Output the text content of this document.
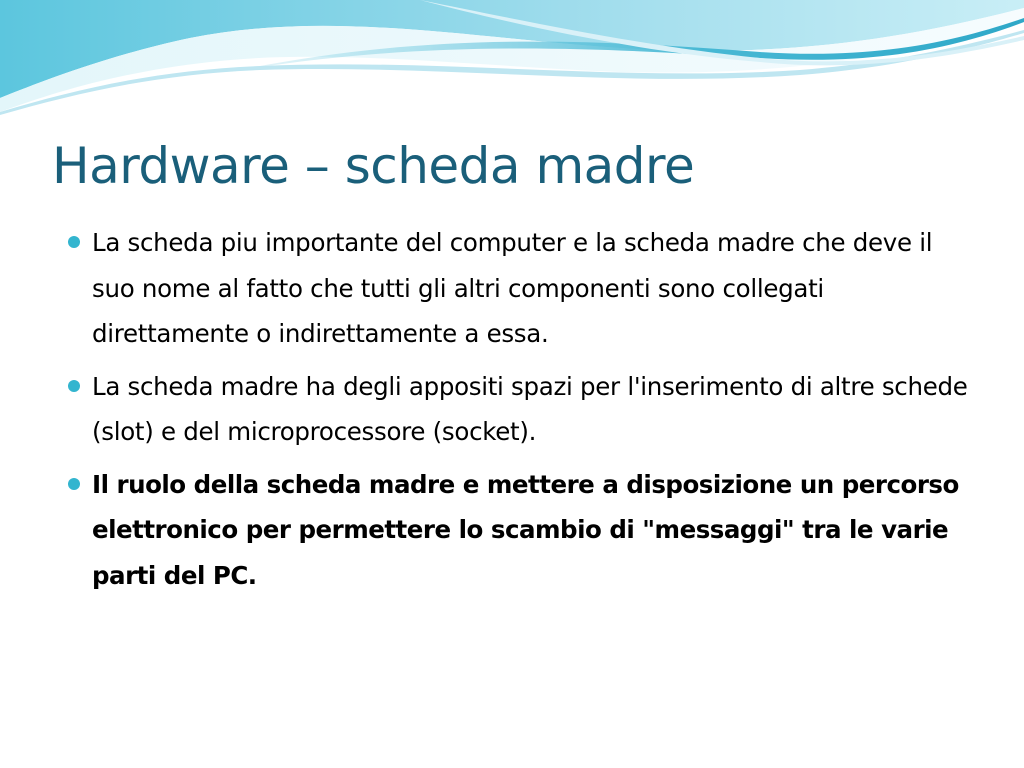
Hardware – scheda madre
La scheda piu importante del computer e la scheda madre che deve il suo nome al fatto che tutti gli altri componenti sono collegati direttamente o indirettamente a essa.
La scheda madre ha degli appositi spazi per l'inserimento di altre schede (slot) e del microprocessore (socket).
Il ruolo della scheda madre e mettere a disposizione un percorso elettronico per permettere lo scambio di "messaggi" tra le varie parti del PC.
